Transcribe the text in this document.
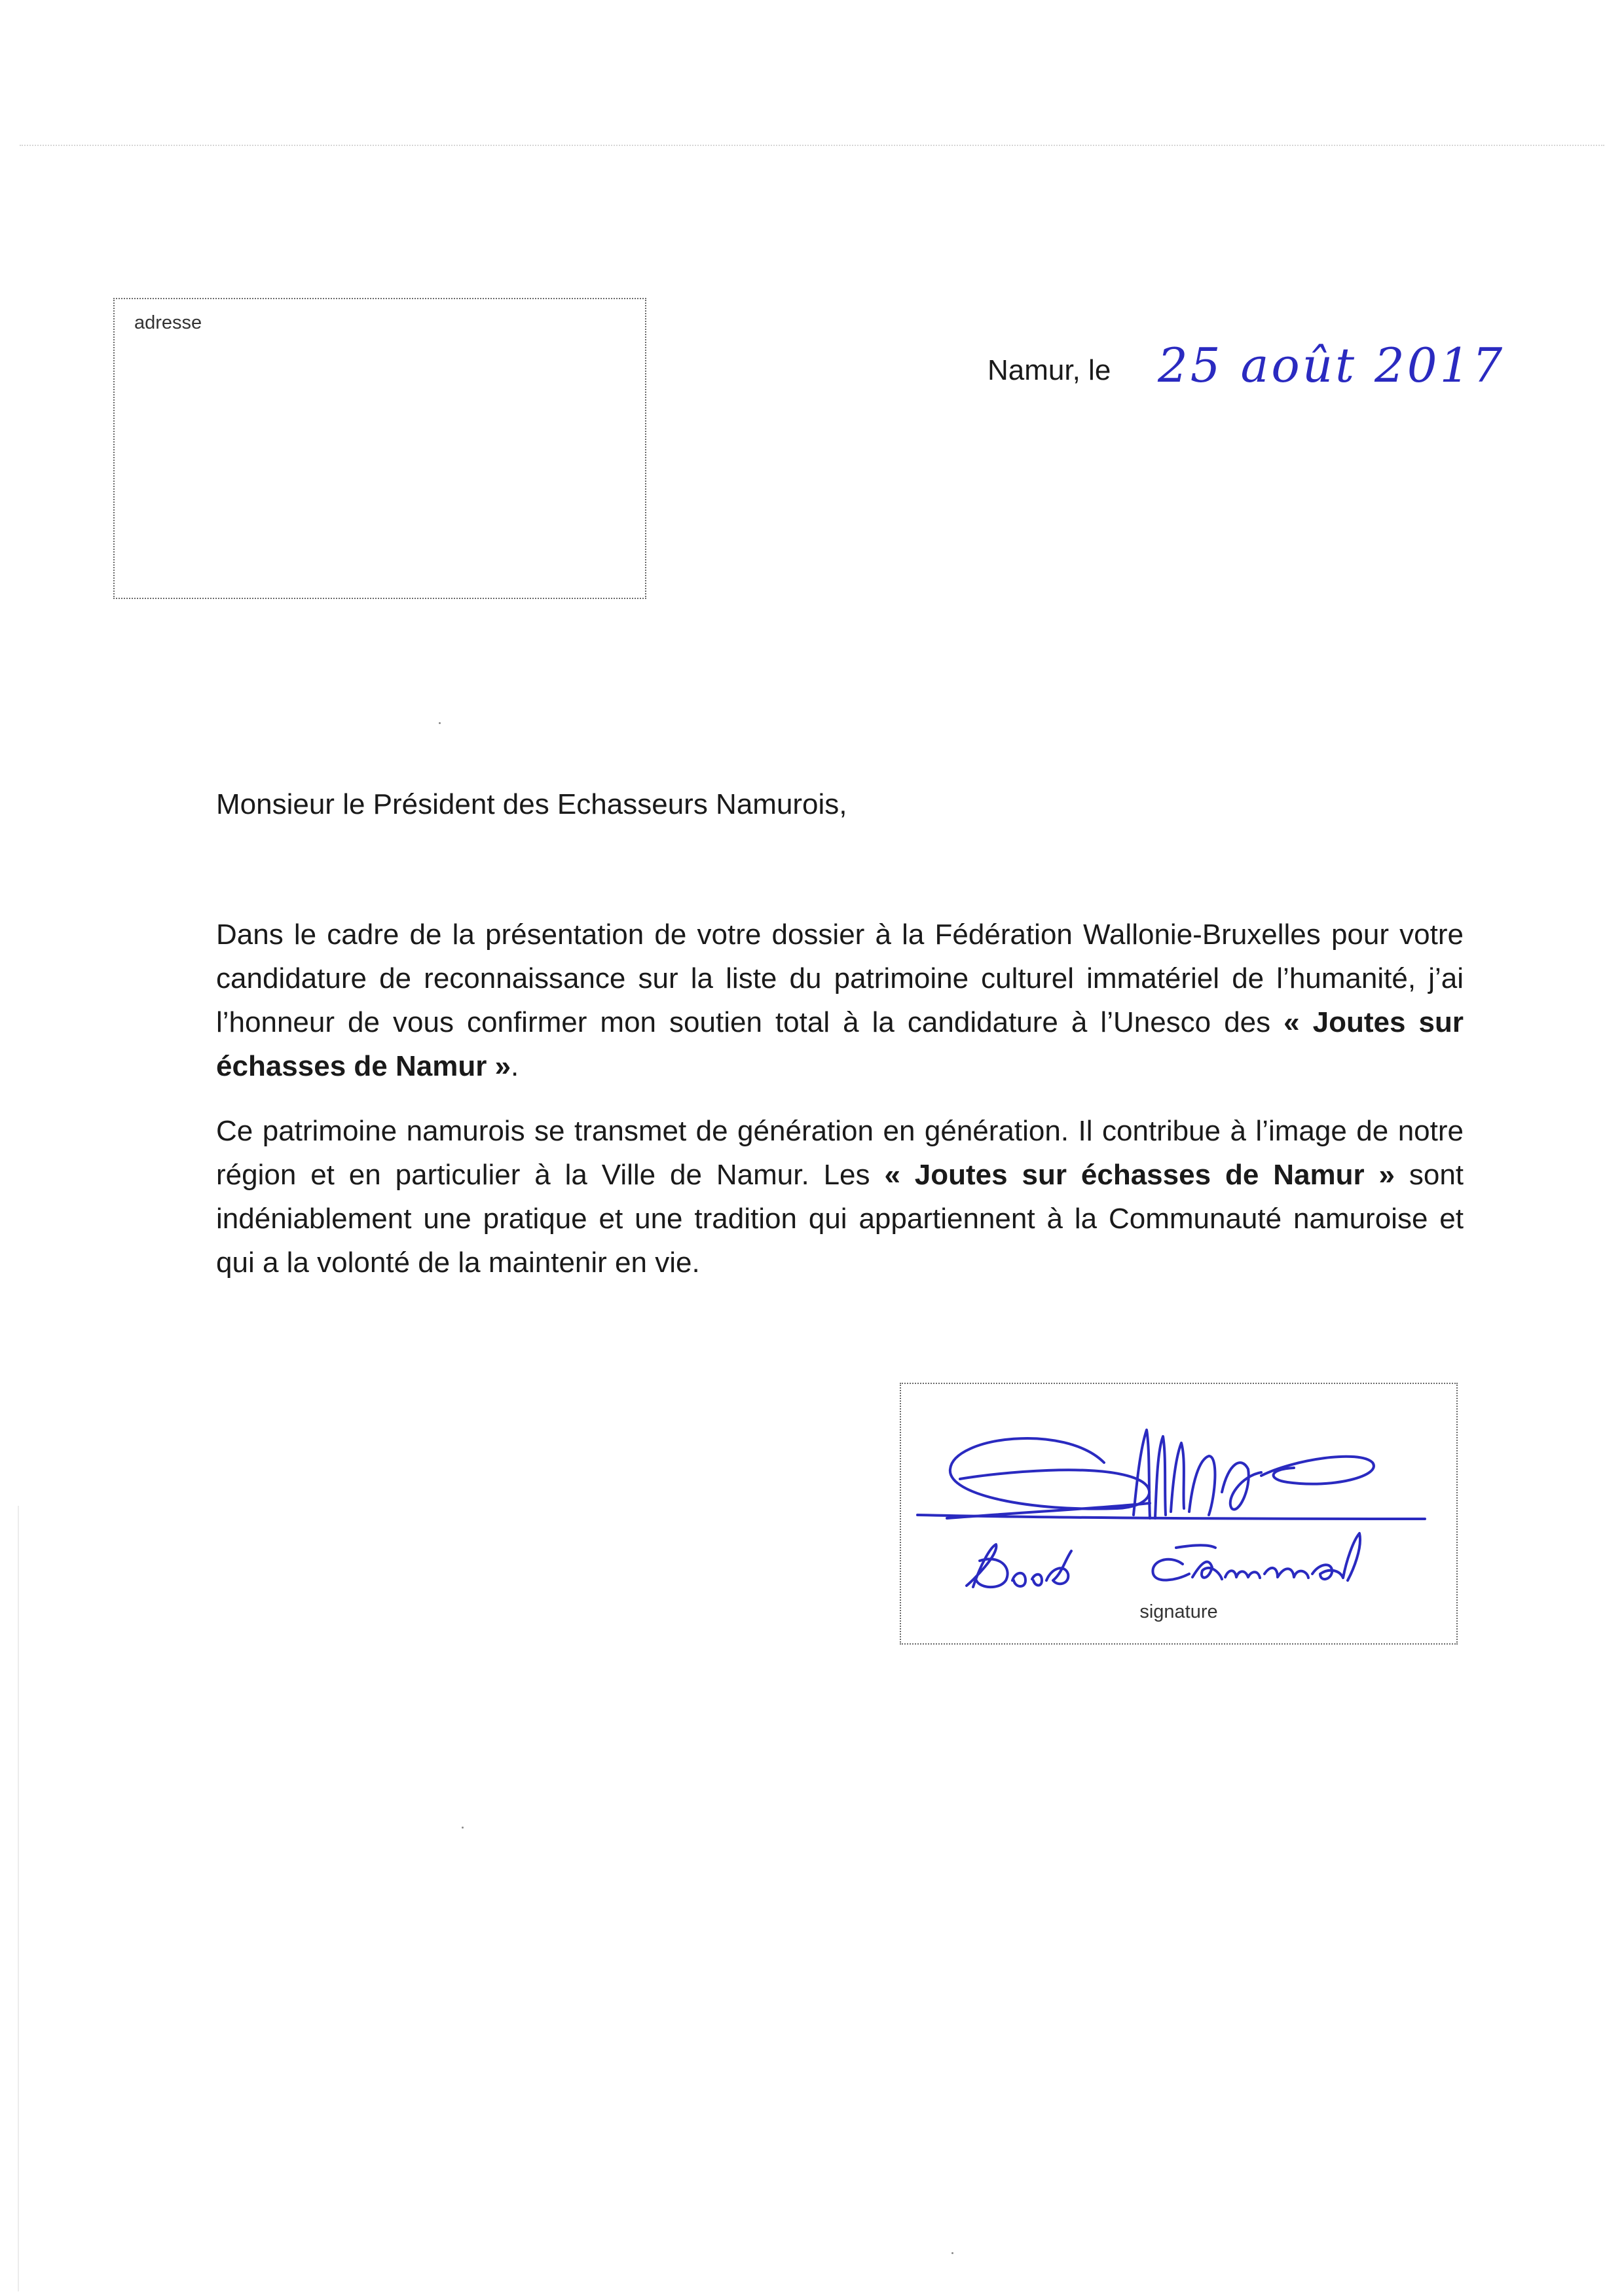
adresse
Namur, le 25 août 2017
Monsieur le Président des Echasseurs Namurois,
Dans le cadre de la présentation de votre dossier à la Fédération Wallonie-Bruxelles pour votre candidature de reconnaissance sur la liste du patrimoine culturel immatériel de l’humanité, j’ai l’honneur de vous confirmer mon soutien total à la candidature à l’Unesco des « Joutes sur échasses de Namur ».
Ce patrimoine namurois se transmet de génération en génération. Il contribue à l’image de notre région et en particulier à la Ville de Namur. Les « Joutes sur échasses de Namur » sont indéniablement une pratique et une tradition qui appartiennent à la Communauté namuroise et qui a la volonté de la maintenir en vie.
signature
